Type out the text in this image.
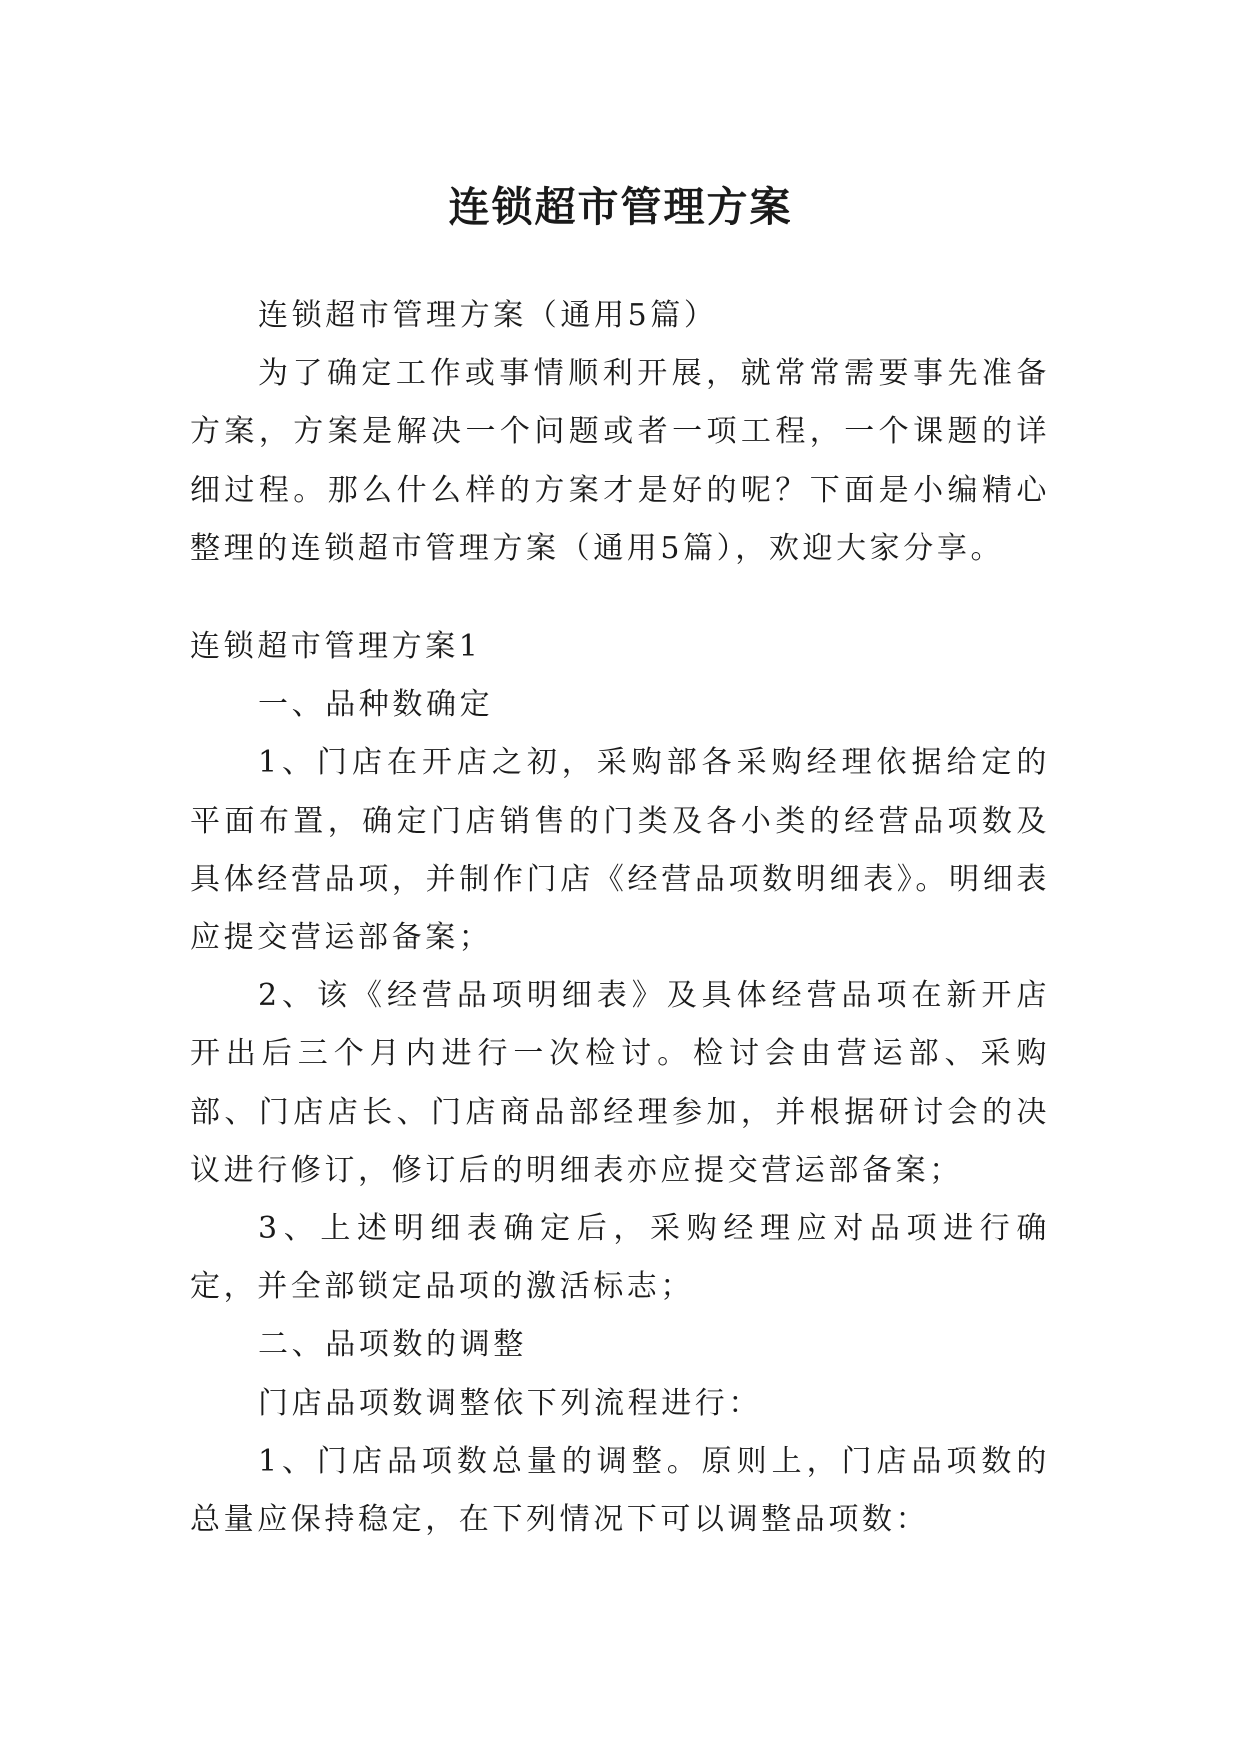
连锁超市管理方案

连锁超市管理方案（通用5篇）

为了确定工作或事情顺利开展，就常常需要事先准备方案，方案是解决一个问题或者一项工程，一个课题的详细过程。那么什么样的方案才是好的呢？下面是小编精心整理的连锁超市管理方案（通用5篇），欢迎大家分享。

连锁超市管理方案1

一、品种数确定

1、门店在开店之初，采购部各采购经理依据给定的平面布置，确定门店销售的门类及各小类的经营品项数及具体经营品项，并制作门店《经营品项数明细表》。明细表应提交营运部备案；

2、该《经营品项明细表》及具体经营品项在新开店开出后三个月内进行一次检讨。检讨会由营运部、采购部、门店店长、门店商品部经理参加，并根据研讨会的决议进行修订，修订后的明细表亦应提交营运部备案；

3、上述明细表确定后，采购经理应对品项进行确定，并全部锁定品项的激活标志；

二、品项数的调整

门店品项数调整依下列流程进行：

1、门店品项数总量的调整。原则上，门店品项数的总量应保持稳定，在下列情况下可以调整品项数：
